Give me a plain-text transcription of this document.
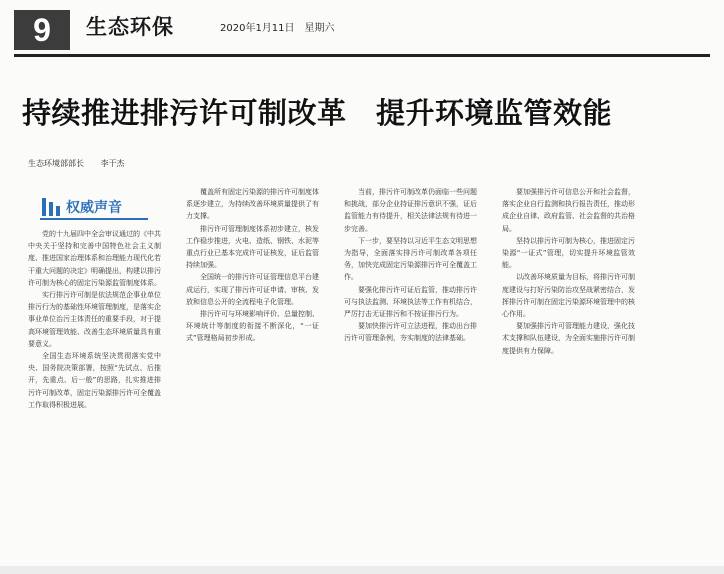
9	生态环保	2020年1月11日　星期六
持续推进排污许可制改革　提升环境监管效能
生态环境部部长 李干杰
权威声音

党的十九届四中全会审议通过的《中共中央关于坚持和完善中国特色社会主义制度、推进国家治理体系和治理能力现代化若干重大问题的决定》明确提出，构建以排污许可制为核心的固定污染源监管制度体系。

实行排污许可制是依法规范企事业单位排污行为的基础性环境管理制度，是落实企事业单位治污主体责任的重要手段，对于提高环境管理效能、改善生态环境质量具有重要意义。

全国生态环境系统坚决贯彻落实党中央、国务院决策部署，按照“先试点、后推开，先重点、后一般”的思路，扎实推进排污许可制改革，固定污染源排污许可全覆盖工作取得积极进展。

覆盖所有固定污染源的排污许可制度体系逐步建立，为持续改善环境质量提供了有力支撑。

排污许可管理制度体系初步建立，核发工作稳步推进，火电、造纸、钢铁、水泥等重点行业已基本完成许可证核发，证后监管持续加强。

全国统一的排污许可证管理信息平台建成运行，实现了排污许可证申请、审核、发放和信息公开的全流程电子化管理。

排污许可与环境影响评价、总量控制、环境统计等制度的衔接不断深化，“一证式”管理格局初步形成。

当前，排污许可制改革仍面临一些问题和挑战，部分企业持证排污意识不强，证后监管能力有待提升，相关法律法规有待进一步完善。

下一步，要坚持以习近平生态文明思想为指导，全面落实排污许可制改革各项任务，加快完成固定污染源排污许可全覆盖工作。

要强化排污许可证后监管，推动排污许可与执法监测、环境执法等工作有机结合，严厉打击无证排污和不按证排污行为。

要加快排污许可立法进程，推动出台排污许可管理条例，夯实制度的法律基础。

要加强排污许可信息公开和社会监督，落实企业自行监测和执行报告责任，推动形成企业自律、政府监管、社会监督的共治格局。

坚持以排污许可制为核心，推进固定污染源“一证式”管理，切实提升环境监管效能。

以改善环境质量为目标，将排污许可制度建设与打好污染防治攻坚战紧密结合，发挥排污许可制在固定污染源环境管理中的核心作用。

要加强排污许可管理能力建设，强化技术支撑和队伍建设，为全面实施排污许可制度提供有力保障。
